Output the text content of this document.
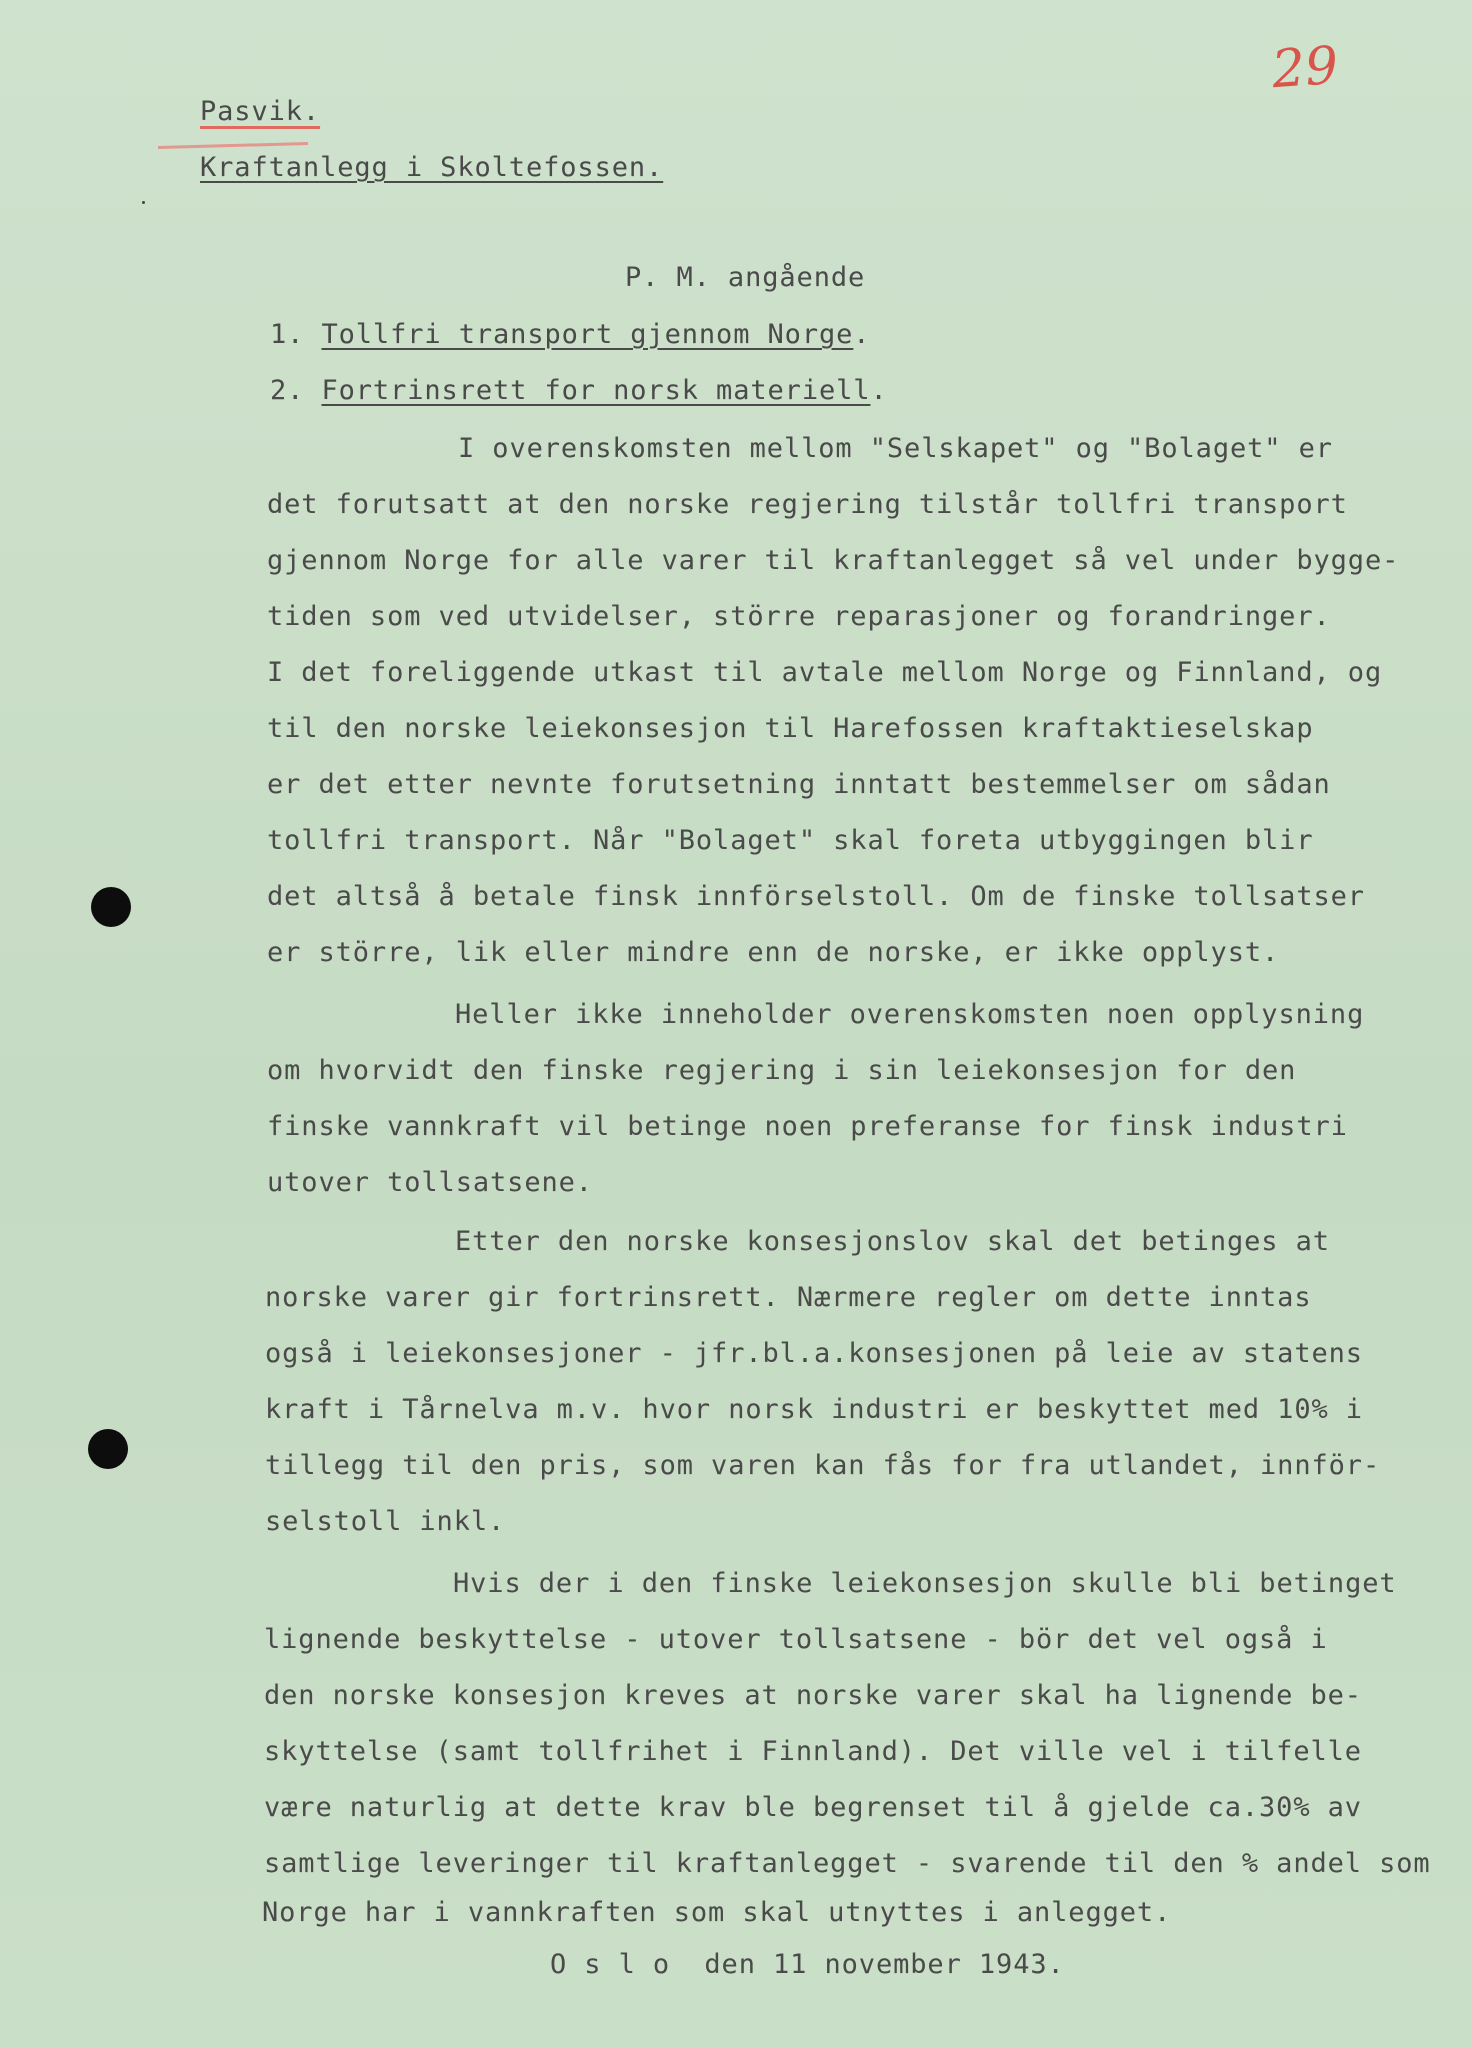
29
Pasvik.
Kraftanlegg i Skoltefossen.
P. M. angående
1. Tollfri transport gjennom Norge.
2. Fortrinsrett for norsk materiell.
I overenskomsten mellom "Selskapet" og "Bolaget" er
det forutsatt at den norske regjering tilstår tollfri transport
gjennom Norge for alle varer til kraftanlegget så vel under bygge-
tiden som ved utvidelser, större reparasjoner og forandringer.
I det foreliggende utkast til avtale mellom Norge og Finnland, og
til den norske leiekonsesjon til Harefossen kraftaktieselskap
er det etter nevnte forutsetning inntatt bestemmelser om sådan
tollfri transport. Når "Bolaget" skal foreta utbyggingen blir
det altså å betale finsk innförselstoll. Om de finske tollsatser
er större, lik eller mindre enn de norske, er ikke opplyst.
Heller ikke inneholder overenskomsten noen opplysning
om hvorvidt den finske regjering i sin leiekonsesjon for den
finske vannkraft vil betinge noen preferanse for finsk industri
utover tollsatsene.
Etter den norske konsesjonslov skal det betinges at
norske varer gir fortrinsrett. Nærmere regler om dette inntas
også i leiekonsesjoner - jfr.bl.a.konsesjonen på leie av statens
kraft i Tårnelva m.v. hvor norsk industri er beskyttet med 10% i
tillegg til den pris, som varen kan fås for fra utlandet, innför-
selstoll inkl.
Hvis der i den finske leiekonsesjon skulle bli betinget
lignende beskyttelse - utover tollsatsene - bör det vel også i
den norske konsesjon kreves at norske varer skal ha lignende be-
skyttelse (samt tollfrihet i Finnland). Det ville vel i tilfelle
være naturlig at dette krav ble begrenset til å gjelde ca.30% av
samtlige leveringer til kraftanlegget - svarende til den % andel som
Norge har i vannkraften som skal utnyttes i anlegget.
O s l o  den 11 november 1943.
